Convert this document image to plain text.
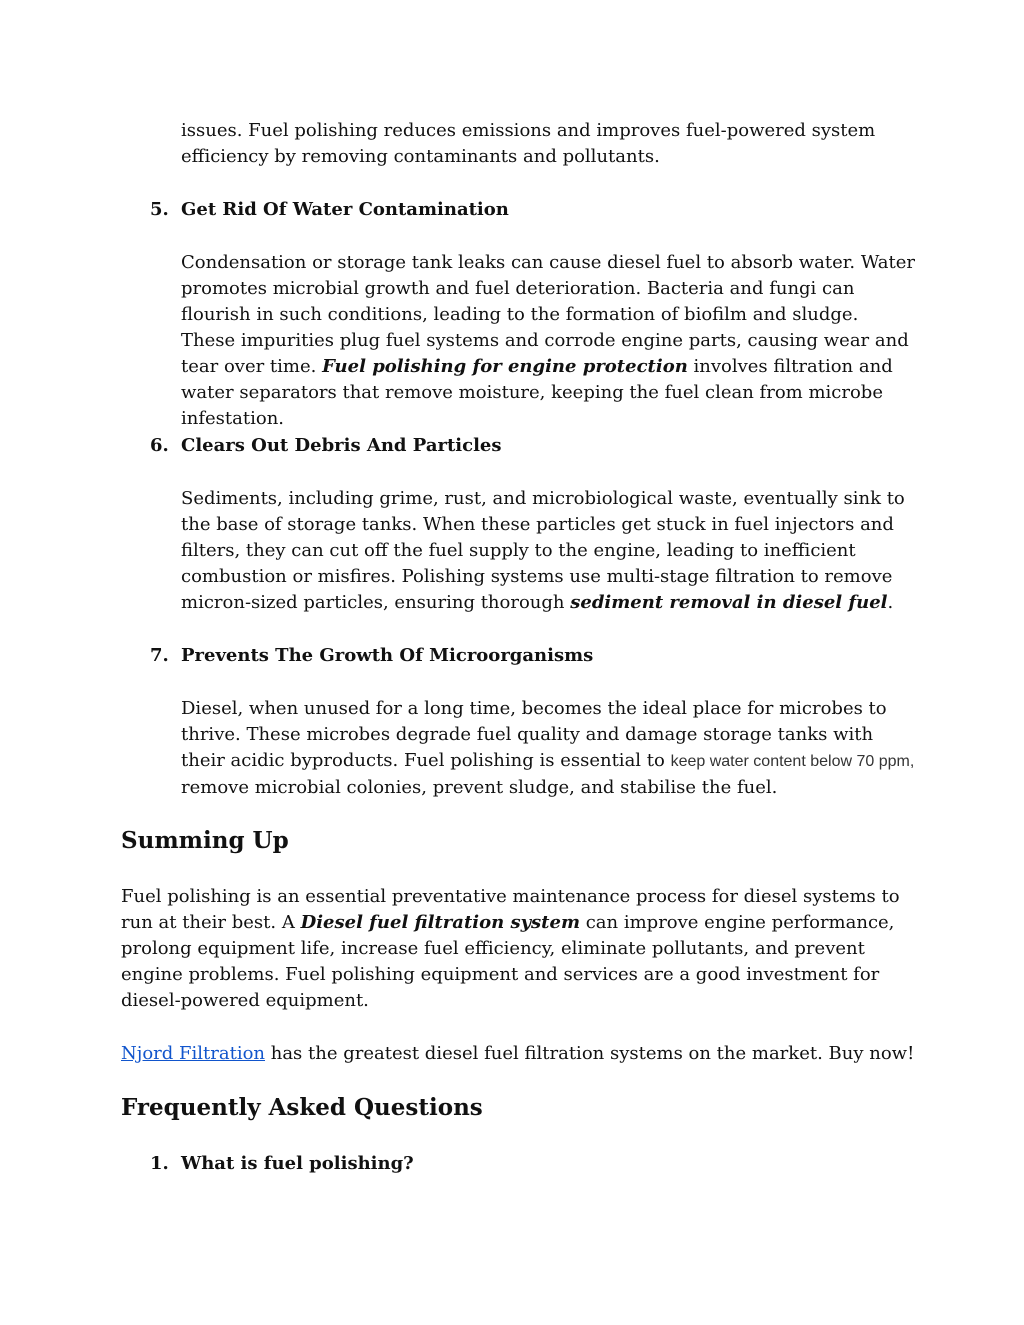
issues. Fuel polishing reduces emissions and improves fuel-powered system
efficiency by removing contaminants and pollutants.
5. Get Rid Of Water Contamination
Condensation or storage tank leaks can cause diesel fuel to absorb water. Water promotes microbial growth and fuel deterioration. Bacteria and fungi can flourish in such conditions, leading to the formation of biofilm and sludge. These impurities plug fuel systems and corrode engine parts, causing wear and tear over time. Fuel polishing for engine protection involves filtration and water separators that remove moisture, keeping the fuel clean from microbe infestation.
6. Clears Out Debris And Particles
Sediments, including grime, rust, and microbiological waste, eventually sink to the base of storage tanks. When these particles get stuck in fuel injectors and filters, they can cut off the fuel supply to the engine, leading to inefficient combustion or misfires. Polishing systems use multi-stage filtration to remove micron-sized particles, ensuring thorough sediment removal in diesel fuel.
7. Prevents The Growth Of Microorganisms
Diesel, when unused for a long time, becomes the ideal place for microbes to thrive. These microbes degrade fuel quality and damage storage tanks with their acidic byproducts. Fuel polishing is essential to keep water content below 70 ppm, remove microbial colonies, prevent sludge, and stabilise the fuel.
Summing Up
Fuel polishing is an essential preventative maintenance process for diesel systems to run at their best. A Diesel fuel filtration system can improve engine performance, prolong equipment life, increase fuel efficiency, eliminate pollutants, and prevent engine problems. Fuel polishing equipment and services are a good investment for diesel-powered equipment.
Njord Filtration has the greatest diesel fuel filtration systems on the market. Buy now!
Frequently Asked Questions
1. What is fuel polishing?
